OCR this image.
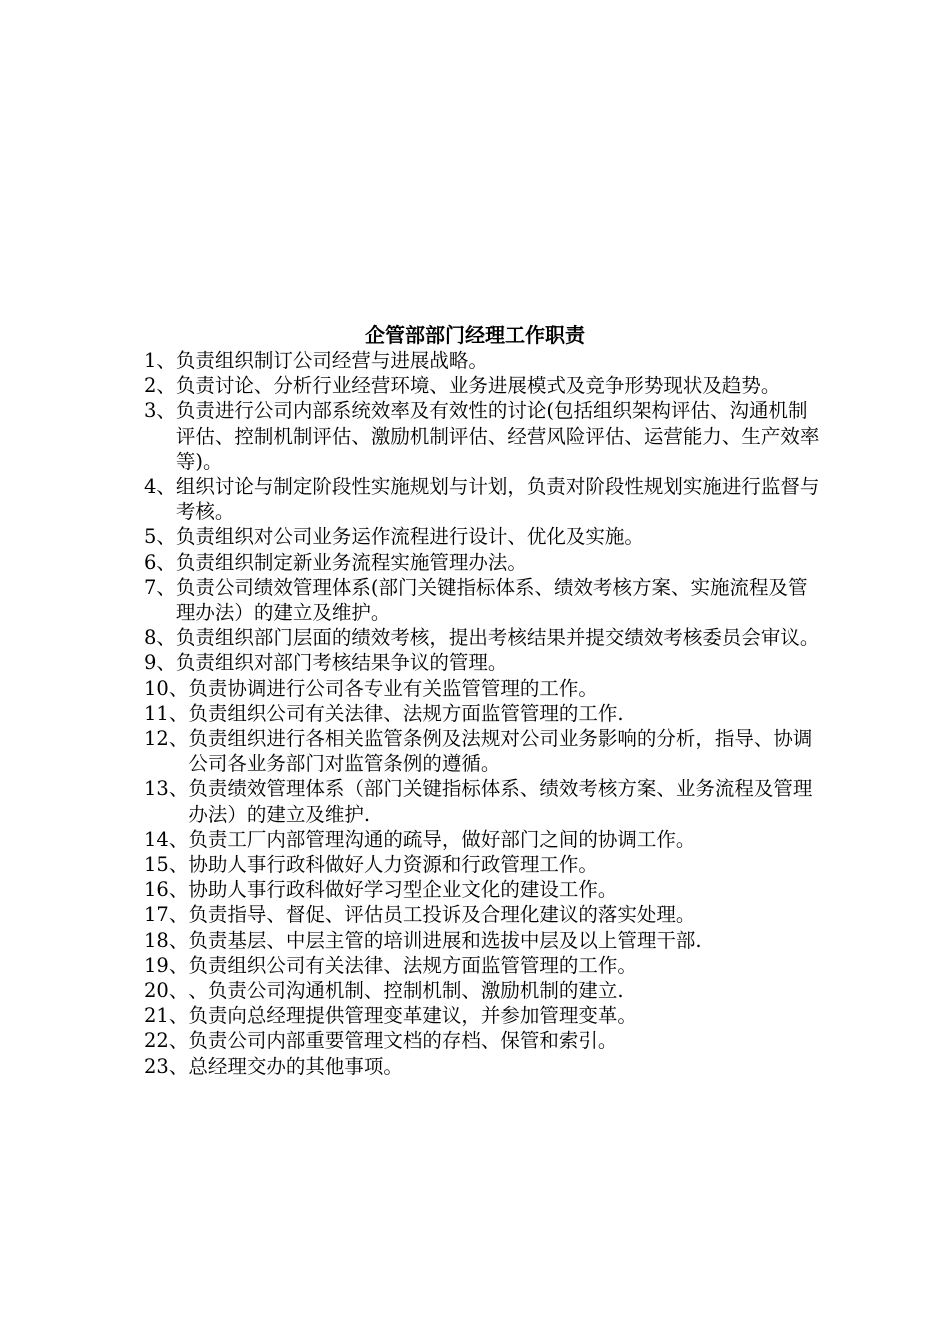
企管部部门经理工作职责
1、 负责组织制订公司经营与进展战略。
2、 负责讨论、分析行业经营环境、业务进展模式及竞争形势现状及趋势。
3、 负责进行公司内部系统效率及有效性的讨论(包括组织架构评估、沟通机制评估、控制机制评估、激励机制评估、经营风险评估、运营能力、生产效率等)。
4、 组织讨论与制定阶段性实施规划与计划，负责对阶段性规划实施进行监督与考核。
5、 负责组织对公司业务运作流程进行设计、优化及实施。
6、 负责组织制定新业务流程实施管理办法。
7、 负责公司绩效管理体系(部门关键指标体系、绩效考核方案、实施流程及管理办法）的建立及维护。
8、 负责组织部门层面的绩效考核，提出考核结果并提交绩效考核委员会审议。
9、 负责组织对部门考核结果争议的管理。
10、 负责协调进行公司各专业有关监管管理的工作。
11、 负责组织公司有关法律、法规方面监管管理的工作.
12、 负责组织进行各相关监管条例及法规对公司业务影响的分析，指导、协调公司各业务部门对监管条例的遵循。
13、 负责绩效管理体系（部门关键指标体系、绩效考核方案、业务流程及管理办法）的建立及维护.
14、 负责工厂内部管理沟通的疏导，做好部门之间的协调工作。
15、 协助人事行政科做好人力资源和行政管理工作。
16、 协助人事行政科做好学习型企业文化的建设工作。
17、 负责指导、督促、评估员工投诉及合理化建议的落实处理。
18、 负责基层、中层主管的培训进展和选拔中层及以上管理干部.
19、 负责组织公司有关法律、法规方面监管管理的工作。
20、 、负责公司沟通机制、控制机制、激励机制的建立.
21、 负责向总经理提供管理变革建议，并参加管理变革。
22、 负责公司内部重要管理文档的存档、保管和索引。
23、 总经理交办的其他事项。
